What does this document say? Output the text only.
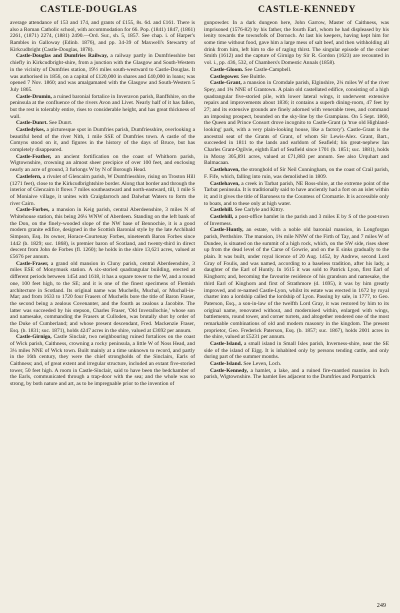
CASTLE-DOUGLAS	CASTLE-KENNEDY

average attendance of 153 and 174, and grants of £155, 8s. 6d. and £161. There is also a Roman Catholic school, with accommodation for 66. Pop. (1841) 1847, (1861) 2261, (1871) 2274, (1881) 2490.—Ord. Sur., sh. 5, 1857. See chap. i. of Harper's Rambles in Galloway (Edinb. 1876), and pp. 34-39 of Maxwell's Stewartry of Kirkcudbright (Castle-Douglas, 1878).

Castle-Douglas and Dumfries Railway, a railway partly in Dumfriesshire but chiefly in Kirkcudbright-shire, from a junction with the Glasgow and South-Western in the vicinity of Dumfries station, 19½ miles south-westward to Castle-Douglas. It was authorised in 1856, on a capital of £120,000 in shares and £40,000 in loans; was opened 7 Nov. 1860; and was amalgamated with the Glasgow and South-Western 5 July 1865.

Castle-Drumin, a ruined baronial fortalice in Inveravon parish, Banffshire, on the peninsula at the confluence of the rivers Avon and Livet. Nearly half of it has fallen, but the rest is tolerably entire, rises to considerable height, and has great thickness of wall.

Castle-Dunrt. See Dunrt.

Castledykes, a picturesque spot in Dumfries parish, Dumfriesshire, overlooking a beautiful bend of the river Nith, 1 mile SSE of Dumfries town. A castle of the Comyns stood on it, and figures in the history of the days of Bruce, but has completely disappeared.

Castle-Feather, an ancient fortification on the coast of Whithorn parish, Wigtownshire, crowning an almost sheer precipice of over 100 feet, and enclosing nearly an acre of ground, 3 furlongs W by N of Borough Head.

Castlefern, a rivulet of Glencairn parish, W Dumfriesshire, rising on Troston Hill (1271 feet), close to the Kirkcudbrightshire border. Along that border and through the interior of Glencairn it flows 7 miles southeastward and north-eastward, till, 1 mile S of Moniaive village, it unites with Craigdarroch and Dalwhat Waters to form the river Cairn.

Castle-Forbes, a mansion in Keig parish, central Aberdeenshire, 3 miles N of Whitehouse station, this being 26¼ WNW of Aberdeen. Standing on the left bank of the Don, on the finely-wooded slope of the NW base of Bennochie, it is a good modern granite edifice, designed in the Scottish Baronial style by the late Archibald Simpson, Esq. Its owner, Horace-Courtenay Forbes, nineteenth Baron Forbes since 1442 (b. 1829; suc. 1868), is premier baron of Scotland, and twenty-third in direct descent from John de Forbes (fl. 1260); he holds in the shire 13,621 acres, valued at £5676 per annum.

Castle-Fraser, a grand old mansion in Cluny parish, central Aberdeenshire, 3 miles ESE of Monymusk station. A six-storied quadrangular building, erected at different periods between 1454 and 1618, it has a square tower to the W, and a round one, 100 feet high, to the SE; and it is one of the finest specimens of Flemish architecture in Scotland. Its original name was Muchells, Muchal, or Muchall-in-Mar; and from 1633 to 1720 four Frasers of Muchells bore the title of Baron Fraser, the second being a zealous Covenanter, and the fourth as zealous a Jacobite. The latter was succeeded by his stepson, Charles Fraser, 'Old Inverallochie,' whose son and namesake, commanding the Frasers at Culloden, was brutally shot by order of the Duke of Cumberland; and whose present descendant, Fred. Mackenzie Fraser, Esq. (b. 1831; suc. 1871), holds 4247 acres in the shire, valued at £3692 per annum.

Castle-Girnigo, Castle Sinclair, two neighbouring ruined fortalices on the coast of Wick parish, Caithness, crowning a rocky peninsula, a little W of Noss Head, and 3¼ miles NNE of Wick town. Built mainly at a time unknown to record, and partly in the 16th century, they were the chief strongholds of the Sinclairs, Earls of Caithness; and, of great extent and irregular structure, included an extant five-storied tower, 50 feet high. A room in Castle-Sinclair, said to have been the bedchamber of the Earls, communicated through a trap-door with the sea; and the whole was so strong, by both nature and art, as to be impregnable prior to the invention of

gunpowder. In a dark dungeon here, John Garrow, Master of Caithness, was imprisoned (1576-82) by his father, the fourth Earl, whom he had displeased by his lenity towards the townsfolk of Dornoch. At last his keepers, having kept him for some time without food, gave him a large mess of salt beef, and then withholding all drink from him, left him to die of raging thirst. The singular episode of the coiner Smith (1612) and the capture of Girnigo by Sir R. Gordon (1623) are recounted in vol. i., pp. 436, 532, of Chambers's Domestic Annals (1858).

Castle-Gloom. See Castle-Campbell.

Castlegower. See Buittle.

Castle-Grant, a mansion in Cromdale parish, Elginshire, 2¼ miles W of the river Spey, and 1¾ NNE of Grantown. A plain old castellated edifice, consisting of a high quadrangular five-storied pile, with lower lateral wings, it underwent extensive repairs and improvements about 1836; it contains a superb dining-room, 47 feet by 27; and its extensive grounds are finely adorned with venerable trees, and command an imposing prospect, bounded on the sky-line by the Grampians. On 5 Sept. 1860, the Queen and Prince Consort drove incognito to Castle-Grant (a 'true old Highland-looking' park, with a very plain-looking house, like a factory'). Castle-Grant is the ancestral seat of the Grants of Grant, of whom Sir Lewis-Alex. Grant, Bart., succeeded in 1811 to the lands and earldom of Seafield; his great-nephew Ian Charles Grant-Ogilvie, eighth Earl of Seafield since 1701 (b. 1851; suc. 1881), holds in Moray 305,891 acres, valued at £71,883 per annum. See also Urquhart and Balmacaan.

Castlehaven, the stronghold of Sir Neil Cunningham, on the coast of Crail parish, F. Fife, which, falling into ruin, was demolished in 1809.

Castlehaven, a creek in Tarbat parish, NE Ross-shire, at the extreme point of the Tarbat peninsula. It is traditionally said to have anciently had a fort on an islet within it; and it gives the title of Baroness to the Countess of Cromartie. It is accessible only to boats, and to these only at high water.

Castlehill. See Carlyle and Kittry.

Castlehill, a post-office hamlet in the parish and 3 miles E by S of the post-town of Inverness.

Castle-Huntly, an estate, with a noble old baronial mansion, in Longforgan parish, Perthshire. The mansion, 1¾ mile NNW of the Firth of Tay, and 7 miles W of Dundee, is situated on the summit of a high rock, which, on the SW side, rises sheer up from the dead level of the Carse of Gowrie, and on the E sinks gradually to the plain. It was built, under royal licence of 20 Aug. 1452, by Andrew, second Lord Gray of Foulis, and was named, according to a baseless tradition, after his lady, a daughter of the Earl of Huntly. In 1615 it was sold to Patrick Lyon, first Earl of Kinghorn; and, becoming the favourite residence of his grandson and namesake, the third Earl of Kinghorn and first of Strathmore (d. 1695), it was by him greatly improved, and re-named Castle-Lyon, whilst its estate was erected in 1672 by royal charter into a lordship called the lordship of Lyon. Passing by sale, in 1777, to Geo. Paterson, Esq., a son-in-law of the twelfth Lord Gray, it was restored by him to its original name, renovated without, and modernised within, enlarged with wings, battlements, round tower, and corner turrets, and altogether rendered one of the most remarkable combinations of old and modern masonry in the kingdom. The present proprietor, Geo. Frederick Paterson, Esq. (b. 1857; suc. 1867), holds 2001 acres in the shire, valued at £5231 per annum.

Castle-Island, a small island in Small Isles parish, Inverness-shire, near the SE side of the island of Eigg. It is inhabited only by persons tending cattle, and only during part of the summer months.

Castle-Island. See Leven, Loch.

Castle-Kennedy, a hamlet, a lake, and a ruined fire-mantled mansion in Inch parish, Wigtownshire. The hamlet lies adjacent to the Dumfries and Portpatrick

249
